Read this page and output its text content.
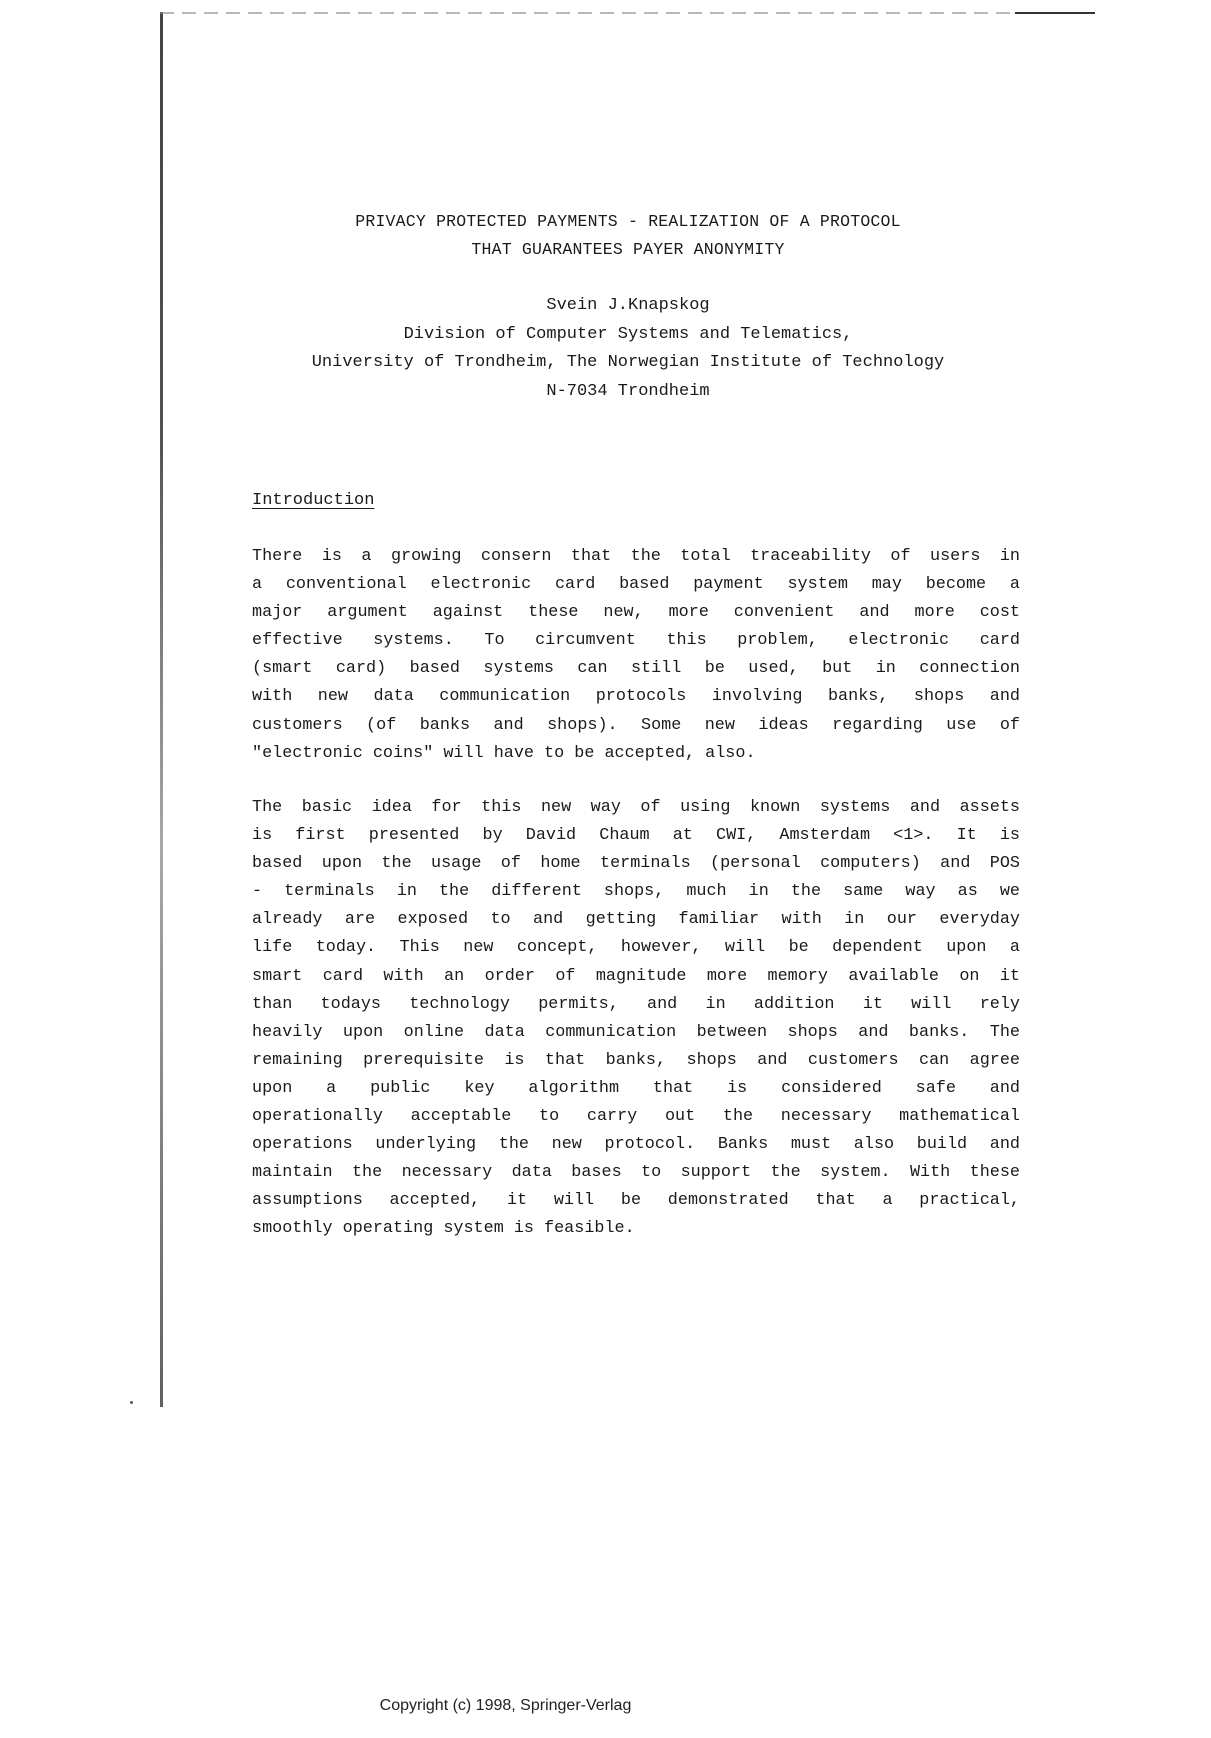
PRIVACY PROTECTED PAYMENTS - REALIZATION OF A PROTOCOL
THAT GUARANTEES PAYER ANONYMITY
Svein J.Knapskog
Division of Computer Systems and Telematics,
University of Trondheim, The Norwegian Institute of Technology
N-7034 Trondheim
Introduction
There is a growing consern that the total traceability of users in
a conventional electronic card based payment system may become a
major argument against these new, more convenient and more cost
effective systems. To circumvent this problem, electronic card
(smart card) based systems can still be used, but in connection
with new data communication protocols involving banks, shops and
customers (of banks and shops). Some new ideas regarding use of
"electronic coins" will have to be accepted, also.
The basic idea for this new way of using known systems and assets
is first presented by David Chaum at CWI, Amsterdam <1>. It is
based upon the usage of home terminals (personal computers) and POS
- terminals in the different shops, much in the same way as we
already are exposed to and getting familiar with in our everyday
life today. This new concept, however, will be dependent upon a
smart card with an order of magnitude more memory available on it
than todays technology permits, and in addition it will rely
heavily upon online data communication between shops and banks. The
remaining prerequisite is that banks, shops and customers can agree
upon a public key algorithm that is considered safe and
operationally acceptable to carry out the necessary mathematical
operations underlying the new protocol. Banks must also build and
maintain the necessary data bases to support the system. With these
assumptions accepted, it will be demonstrated that a practical,
smoothly operating system is feasible.
Copyright (c) 1998, Springer-Verlag
